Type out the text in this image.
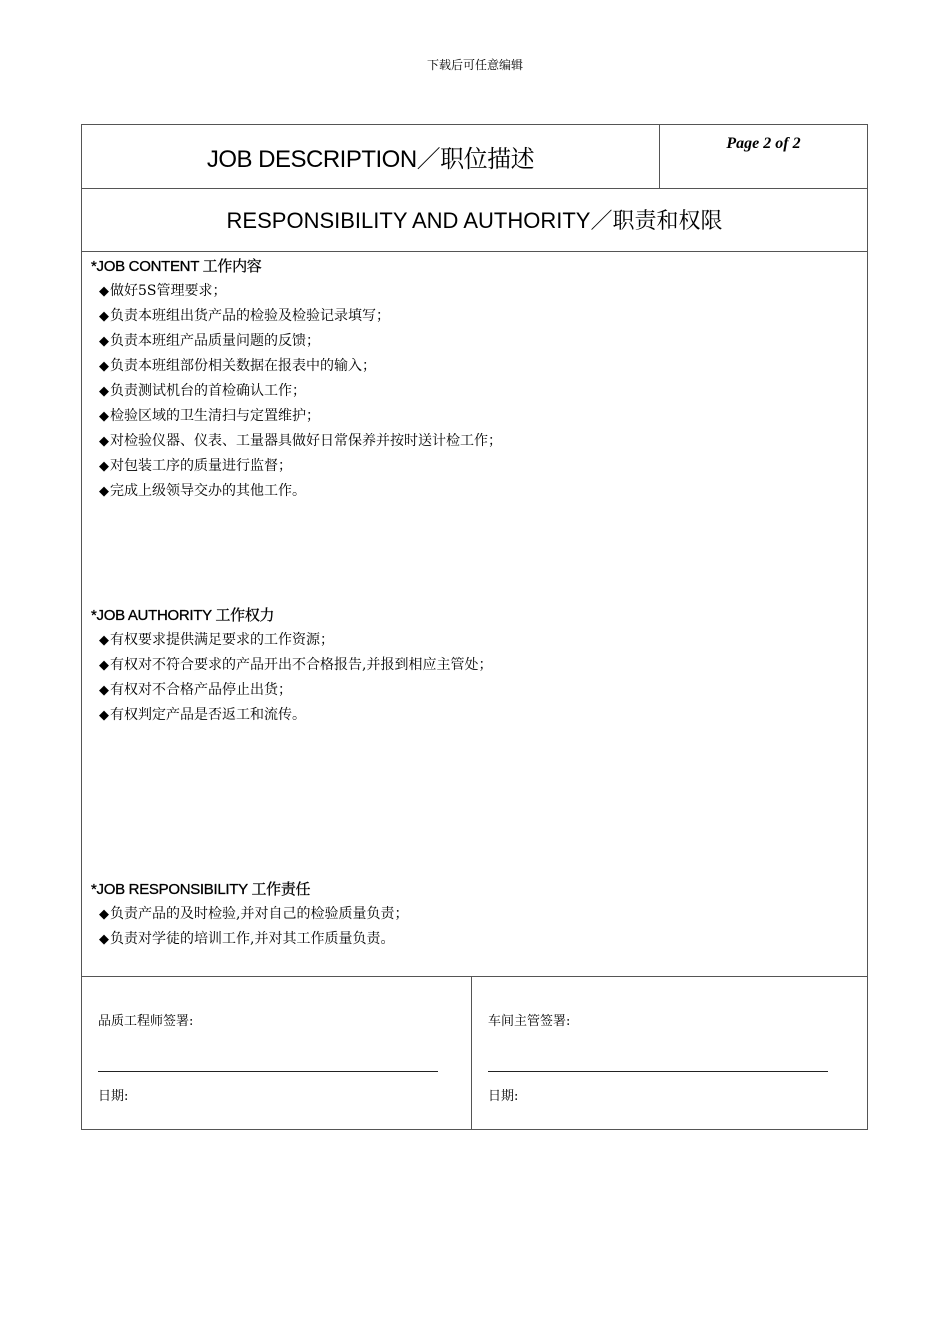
下载后可任意编辑
JOB DESCRIPTION／职位描述
Page 2 of 2
RESPONSIBILITY AND AUTHORITY／职责和权限
*JOB CONTENT 工作内容
◆做好5S管理要求；
◆负责本班组出货产品的检验及检验记录填写；
◆负责本班组产品质量问题的反馈；
◆负责本班组部份相关数据在报表中的输入；
◆负责测试机台的首检确认工作；
◆检验区域的卫生清扫与定置维护；
◆对检验仪器、仪表、工量器具做好日常保养并按时送计检工作；
◆对包装工序的质量进行监督；
◆完成上级领导交办的其他工作。
*JOB AUTHORITY 工作权力
◆有权要求提供满足要求的工作资源；
◆有权对不符合要求的产品开出不合格报告,并报到相应主管处；
◆有权对不合格产品停止出货；
◆有权判定产品是否返工和流传。
*JOB RESPONSIBILITY 工作责任
◆负责产品的及时检验,并对自己的检验质量负责；
◆负责对学徒的培训工作,并对其工作质量负责。
品质工程师签署:
日期:
车间主管签署:
日期:
